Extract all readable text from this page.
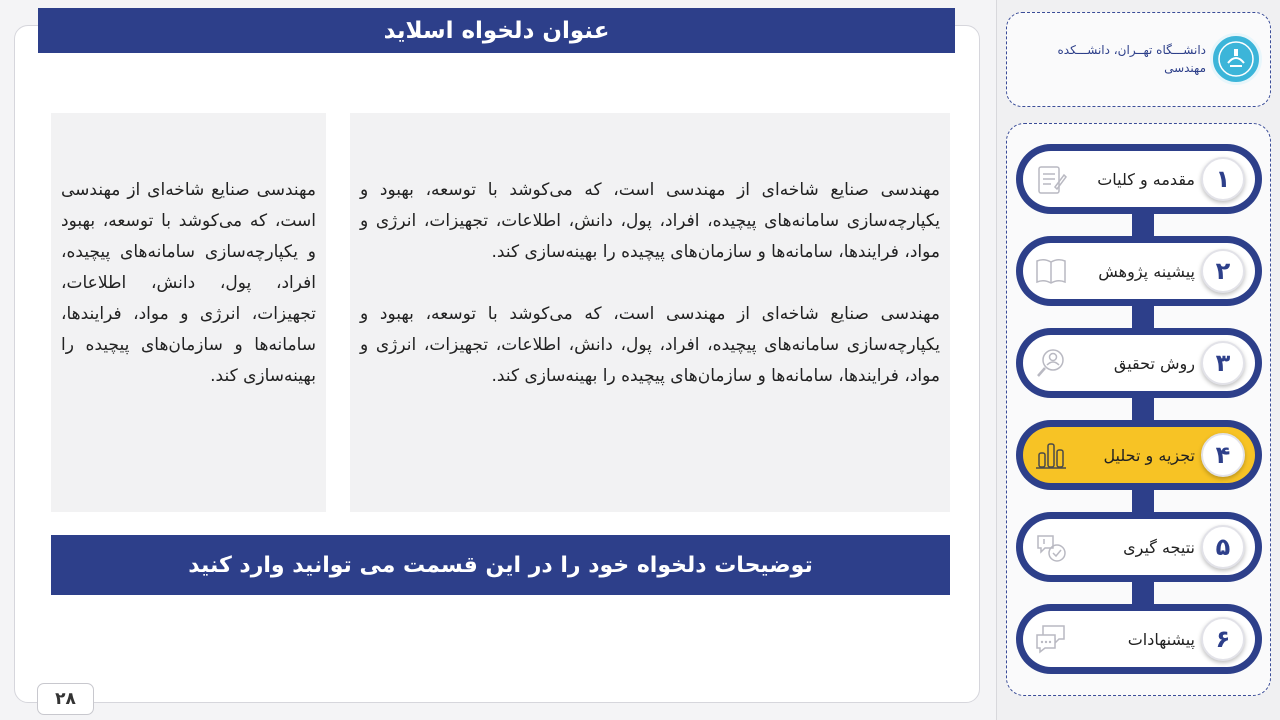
عنوان دلخواه اسلاید

مهندسی صنایع شاخه‌ای از مهندسی است، که می‌کوشد با توسعه، بهبود و یکپارچه‌سازی سامانه‌های پیچیده، افراد، پول، دانش، اطلاعات، تجهیزات، انرژی و مواد، فرایندها، سامانه‌ها و سازمان‌های پیچیده را بهینه‌سازی کند.

مهندسی صنایع شاخه‌ای از مهندسی است، که می‌کوشد با توسعه، بهبود و یکپارچه‌سازی سامانه‌های پیچیده، افراد، پول، دانش، اطلاعات، تجهیزات، انرژی و مواد، فرایندها، سامانه‌ها و سازمان‌های پیچیده را بهینه‌سازی کند.

مهندسی صنایع شاخه‌ای از مهندسی است، که می‌کوشد با توسعه، بهبود و یکپارچه‌سازی سامانه‌های پیچیده، افراد، پول، دانش، اطلاعات، تجهیزات، انرژی و مواد، فرایندها، سامانه‌ها و سازمان‌های پیچیده را بهینه‌سازی کند.

توضیحات دلخواه خود را در این قسمت می توانید وارد کنید
۲۸
دانشـــگاه تهــران، دانشـــکده مهندسی
۱
مقدمه و کلیات
۲
پیشینه پژوهش
۳
روش تحقیق
۴
تجزیه و تحلیل
۵
نتیجه گیری
۶
پیشنهادات
